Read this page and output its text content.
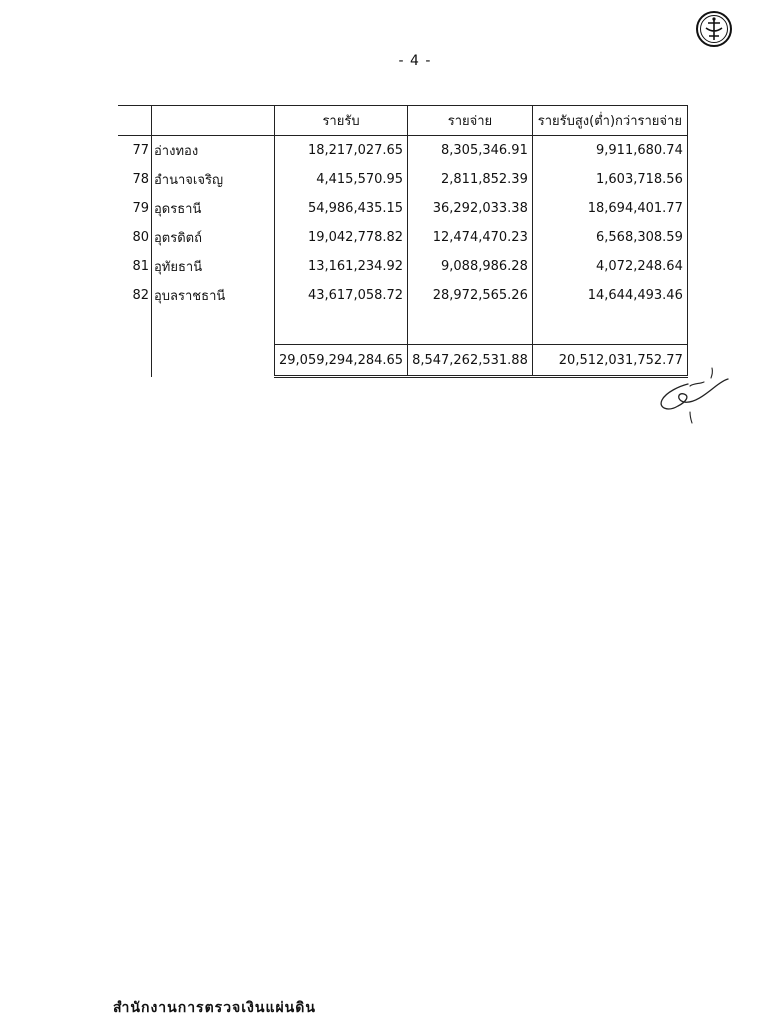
- 4 -
		รายรับ	รายจ่าย	รายรับสูง(ต่ำ)กว่ารายจ่าย
77	อ่างทอง	18,217,027.65	8,305,346.91	9,911,680.74
78	อำนาจเจริญ	4,415,570.95	2,811,852.39	1,603,718.56
79	อุดรธานี	54,986,435.15	36,292,033.38	18,694,401.77
80	อุตรดิตถ์	19,042,778.82	12,474,470.23	6,568,308.59
81	อุทัยธานี	13,161,234.92	9,088,986.28	4,072,248.64
82	อุบลราชธานี	43,617,058.72	28,972,565.26	14,644,493.46

		29,059,294,284.65	8,547,262,531.88	20,512,031,752.77
สำนักงานการตรวจเงินแผ่นดิน
